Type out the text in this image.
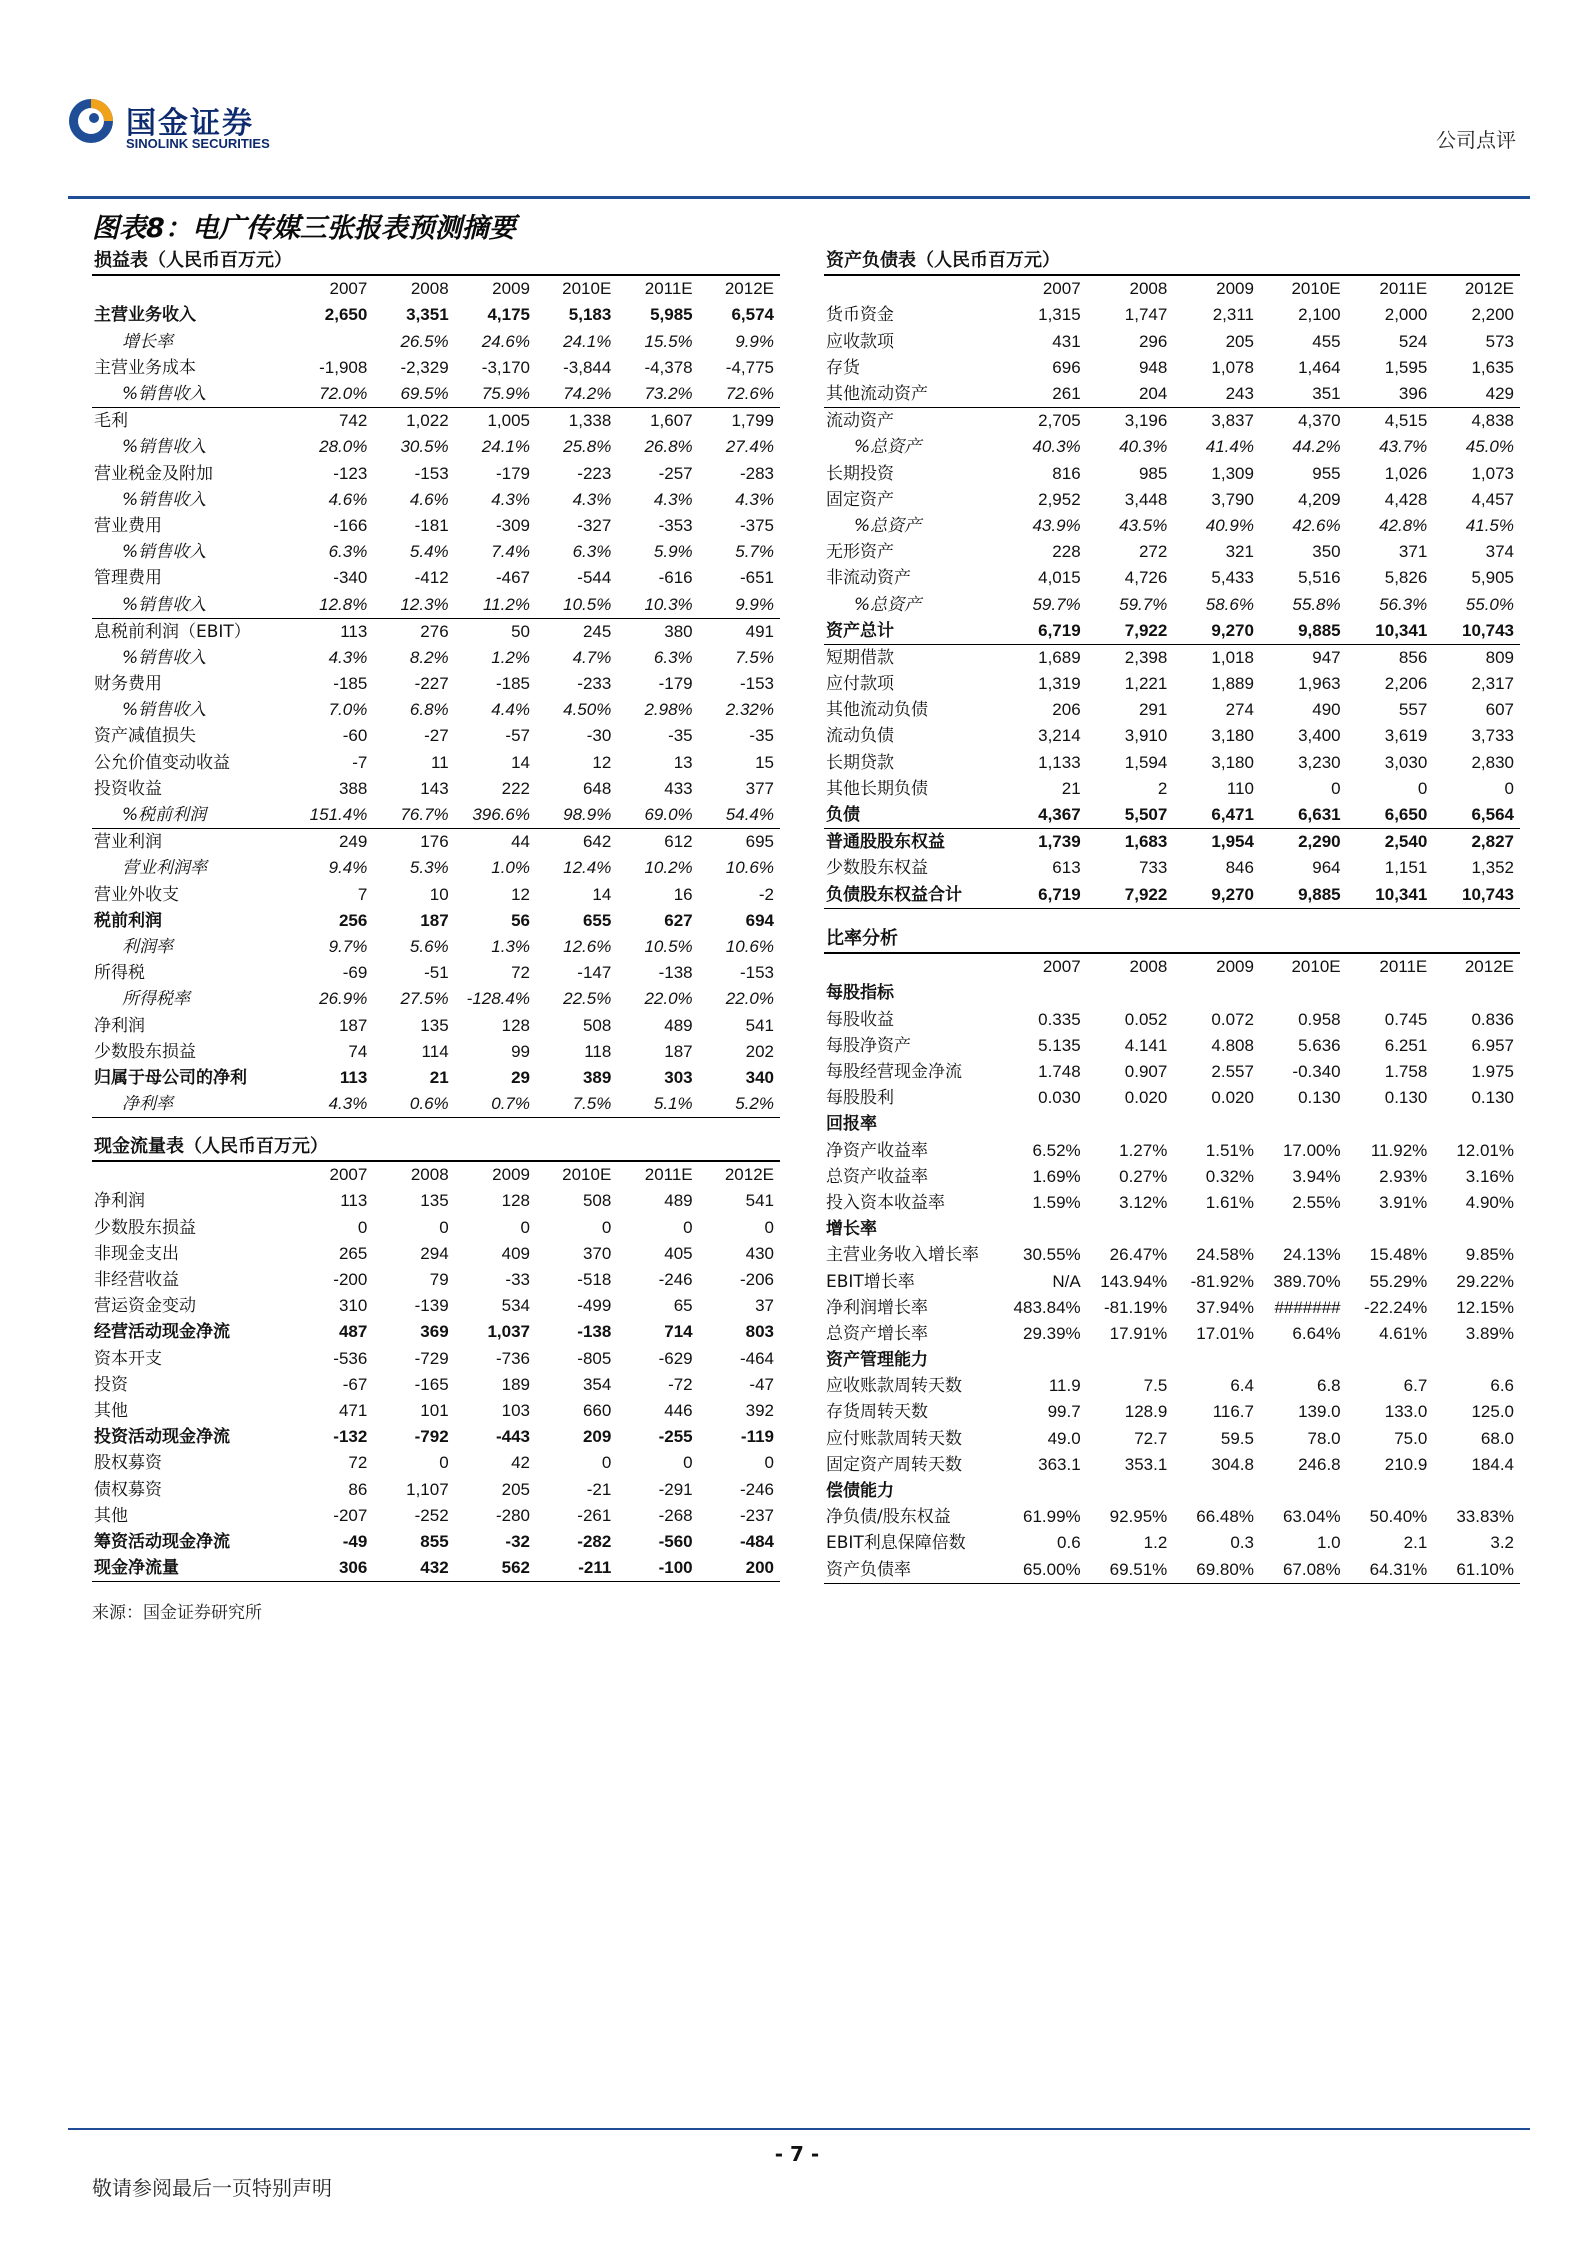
国金证券
SINOLINK SECURITIES	公司点评
图表8：电广传媒三张报表预测摘要
损益表（人民币百万元）						
	2007	2008	2009	2010E	2011E	2012E
主营业务收入	2,650	3,351	4,175	5,183	5,985	6,574
增长率		26.5%	24.6%	24.1%	15.5%	9.9%
主营业务成本	-1,908	-2,329	-3,170	-3,844	-4,378	-4,775
%销售收入	72.0%	69.5%	75.9%	74.2%	73.2%	72.6%
毛利	742	1,022	1,005	1,338	1,607	1,799
%销售收入	28.0%	30.5%	24.1%	25.8%	26.8%	27.4%
营业税金及附加	-123	-153	-179	-223	-257	-283
%销售收入	4.6%	4.6%	4.3%	4.3%	4.3%	4.3%
营业费用	-166	-181	-309	-327	-353	-375
%销售收入	6.3%	5.4%	7.4%	6.3%	5.9%	5.7%
管理费用	-340	-412	-467	-544	-616	-651
%销售收入	12.8%	12.3%	11.2%	10.5%	10.3%	9.9%
息税前利润（EBIT）	113	276	50	245	380	491
%销售收入	4.3%	8.2%	1.2%	4.7%	6.3%	7.5%
财务费用	-185	-227	-185	-233	-179	-153
%销售收入	7.0%	6.8%	4.4%	4.50%	2.98%	2.32%
资产减值损失	-60	-27	-57	-30	-35	-35
公允价值变动收益	-7	11	14	12	13	15
投资收益	388	143	222	648	433	377
%税前利润	151.4%	76.7%	396.6%	98.9%	69.0%	54.4%
营业利润	249	176	44	642	612	695
营业利润率	9.4%	5.3%	1.0%	12.4%	10.2%	10.6%
营业外收支	7	10	12	14	16	-2
税前利润	256	187	56	655	627	694
利润率	9.7%	5.6%	1.3%	12.6%	10.5%	10.6%
所得税	-69	-51	72	-147	-138	-153
所得税率	26.9%	27.5%	-128.4%	22.5%	22.0%	22.0%
净利润	187	135	128	508	489	541
少数股东损益	74	114	99	118	187	202
归属于母公司的净利	113	21	29	389	303	340
净利率	4.3%	0.6%	0.7%	7.5%	5.1%	5.2%
现金流量表（人民币百万元）						
	2007	2008	2009	2010E	2011E	2012E
净利润	113	135	128	508	489	541
少数股东损益	0	0	0	0	0	0
非现金支出	265	294	409	370	405	430
非经营收益	-200	79	-33	-518	-246	-206
营运资金变动	310	-139	534	-499	65	37
经营活动现金净流	487	369	1,037	-138	714	803
资本开支	-536	-729	-736	-805	-629	-464
投资	-67	-165	189	354	-72	-47
其他	471	101	103	660	446	392
投资活动现金净流	-132	-792	-443	209	-255	-119
股权募资	72	0	42	0	0	0
债权募资	86	1,107	205	-21	-291	-246
其他	-207	-252	-280	-261	-268	-237
筹资活动现金净流	-49	855	-32	-282	-560	-484
现金净流量	306	432	562	-211	-100	200
资产负债表（人民币百万元）						
	2007	2008	2009	2010E	2011E	2012E
货币资金	1,315	1,747	2,311	2,100	2,000	2,200
应收款项	431	296	205	455	524	573
存货	696	948	1,078	1,464	1,595	1,635
其他流动资产	261	204	243	351	396	429
流动资产	2,705	3,196	3,837	4,370	4,515	4,838
%总资产	40.3%	40.3%	41.4%	44.2%	43.7%	45.0%
长期投资	816	985	1,309	955	1,026	1,073
固定资产	2,952	3,448	3,790	4,209	4,428	4,457
%总资产	43.9%	43.5%	40.9%	42.6%	42.8%	41.5%
无形资产	228	272	321	350	371	374
非流动资产	4,015	4,726	5,433	5,516	5,826	5,905
%总资产	59.7%	59.7%	58.6%	55.8%	56.3%	55.0%
资产总计	6,719	7,922	9,270	9,885	10,341	10,743
短期借款	1,689	2,398	1,018	947	856	809
应付款项	1,319	1,221	1,889	1,963	2,206	2,317
其他流动负债	206	291	274	490	557	607
流动负债	3,214	3,910	3,180	3,400	3,619	3,733
长期贷款	1,133	1,594	3,180	3,230	3,030	2,830
其他长期负债	21	2	110	0	0	0
负债	4,367	5,507	6,471	6,631	6,650	6,564
普通股股东权益	1,739	1,683	1,954	2,290	2,540	2,827
少数股东权益	613	733	846	964	1,151	1,352
负债股东权益合计	6,719	7,922	9,270	9,885	10,341	10,743
比率分析						
	2007	2008	2009	2010E	2011E	2012E
每股指标						
每股收益	0.335	0.052	0.072	0.958	0.745	0.836
每股净资产	5.135	4.141	4.808	5.636	6.251	6.957
每股经营现金净流	1.748	0.907	2.557	-0.340	1.758	1.975
每股股利	0.030	0.020	0.020	0.130	0.130	0.130
回报率						
净资产收益率	6.52%	1.27%	1.51%	17.00%	11.92%	12.01%
总资产收益率	1.69%	0.27%	0.32%	3.94%	2.93%	3.16%
投入资本收益率	1.59%	3.12%	1.61%	2.55%	3.91%	4.90%
增长率						
主营业务收入增长率	30.55%	26.47%	24.58%	24.13%	15.48%	9.85%
EBIT增长率	N/A	143.94%	-81.92%	389.70%	55.29%	29.22%
净利润增长率	483.84%	-81.19%	37.94%	#######	-22.24%	12.15%
总资产增长率	29.39%	17.91%	17.01%	6.64%	4.61%	3.89%
资产管理能力						
应收账款周转天数	11.9	7.5	6.4	6.8	6.7	6.6
存货周转天数	99.7	128.9	116.7	139.0	133.0	125.0
应付账款周转天数	49.0	72.7	59.5	78.0	75.0	68.0
固定资产周转天数	363.1	353.1	304.8	246.8	210.9	184.4
偿债能力						
净负债/股东权益	61.99%	92.95%	66.48%	63.04%	50.40%	33.83%
EBIT利息保障倍数	0.6	1.2	0.3	1.0	2.1	3.2
资产负债率	65.00%	69.51%	69.80%	67.08%	64.31%	61.10%
来源：国金证券研究所
- 7 -
敬请参阅最后一页特别声明
